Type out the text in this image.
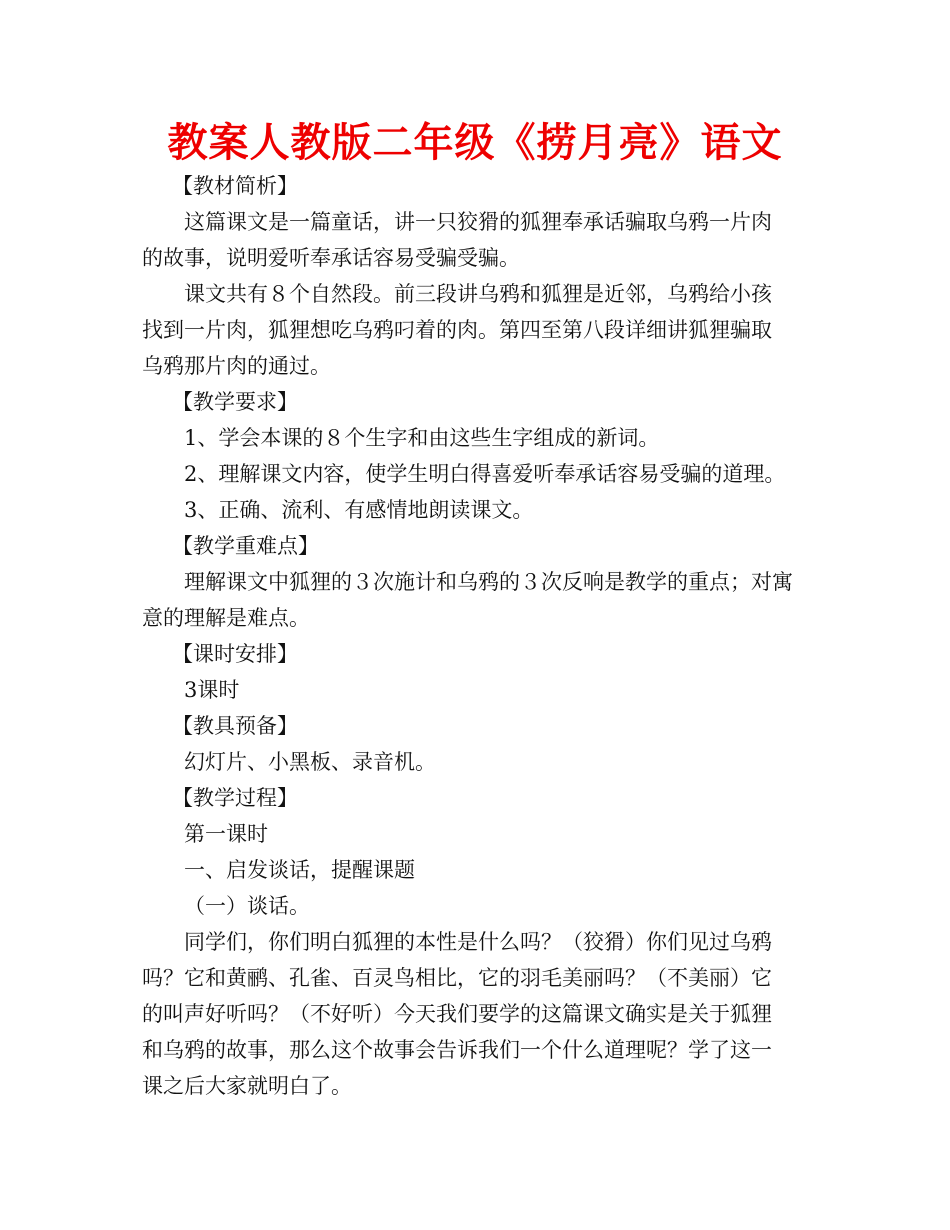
教案人教版二年级《捞月亮》语文
【教材简析】
这篇课文是一篇童话，讲一只狡猾的狐狸奉承话骗取乌鸦一片肉
的故事，说明爱听奉承话容易受骗受骗。
课文共有８个自然段。前三段讲乌鸦和狐狸是近邻，乌鸦给小孩
找到一片肉，狐狸想吃乌鸦叼着的肉。第四至第八段详细讲狐狸骗取
乌鸦那片肉的通过。
【教学要求】
1、学会本课的８个生字和由这些生字组成的新词。
2、理解课文内容，使学生明白得喜爱听奉承话容易受骗的道理。
3、正确、流利、有感情地朗读课文。
【教学重难点】
理解课文中狐狸的３次施计和乌鸦的３次反响是教学的重点；对寓
意的理解是难点。
【课时安排】
3课时
【教具预备】
幻灯片、小黑板、录音机。
【教学过程】
第一课时
一、启发谈话，提醒课题
（一）谈话。
同学们，你们明白狐狸的本性是什么吗？（狡猾）你们见过乌鸦
吗？它和黄鹂、孔雀、百灵鸟相比，它的羽毛美丽吗？（不美丽）它
的叫声好听吗？（不好听）今天我们要学的这篇课文确实是关于狐狸
和乌鸦的故事，那么这个故事会告诉我们一个什么道理呢？学了这一
课之后大家就明白了。
